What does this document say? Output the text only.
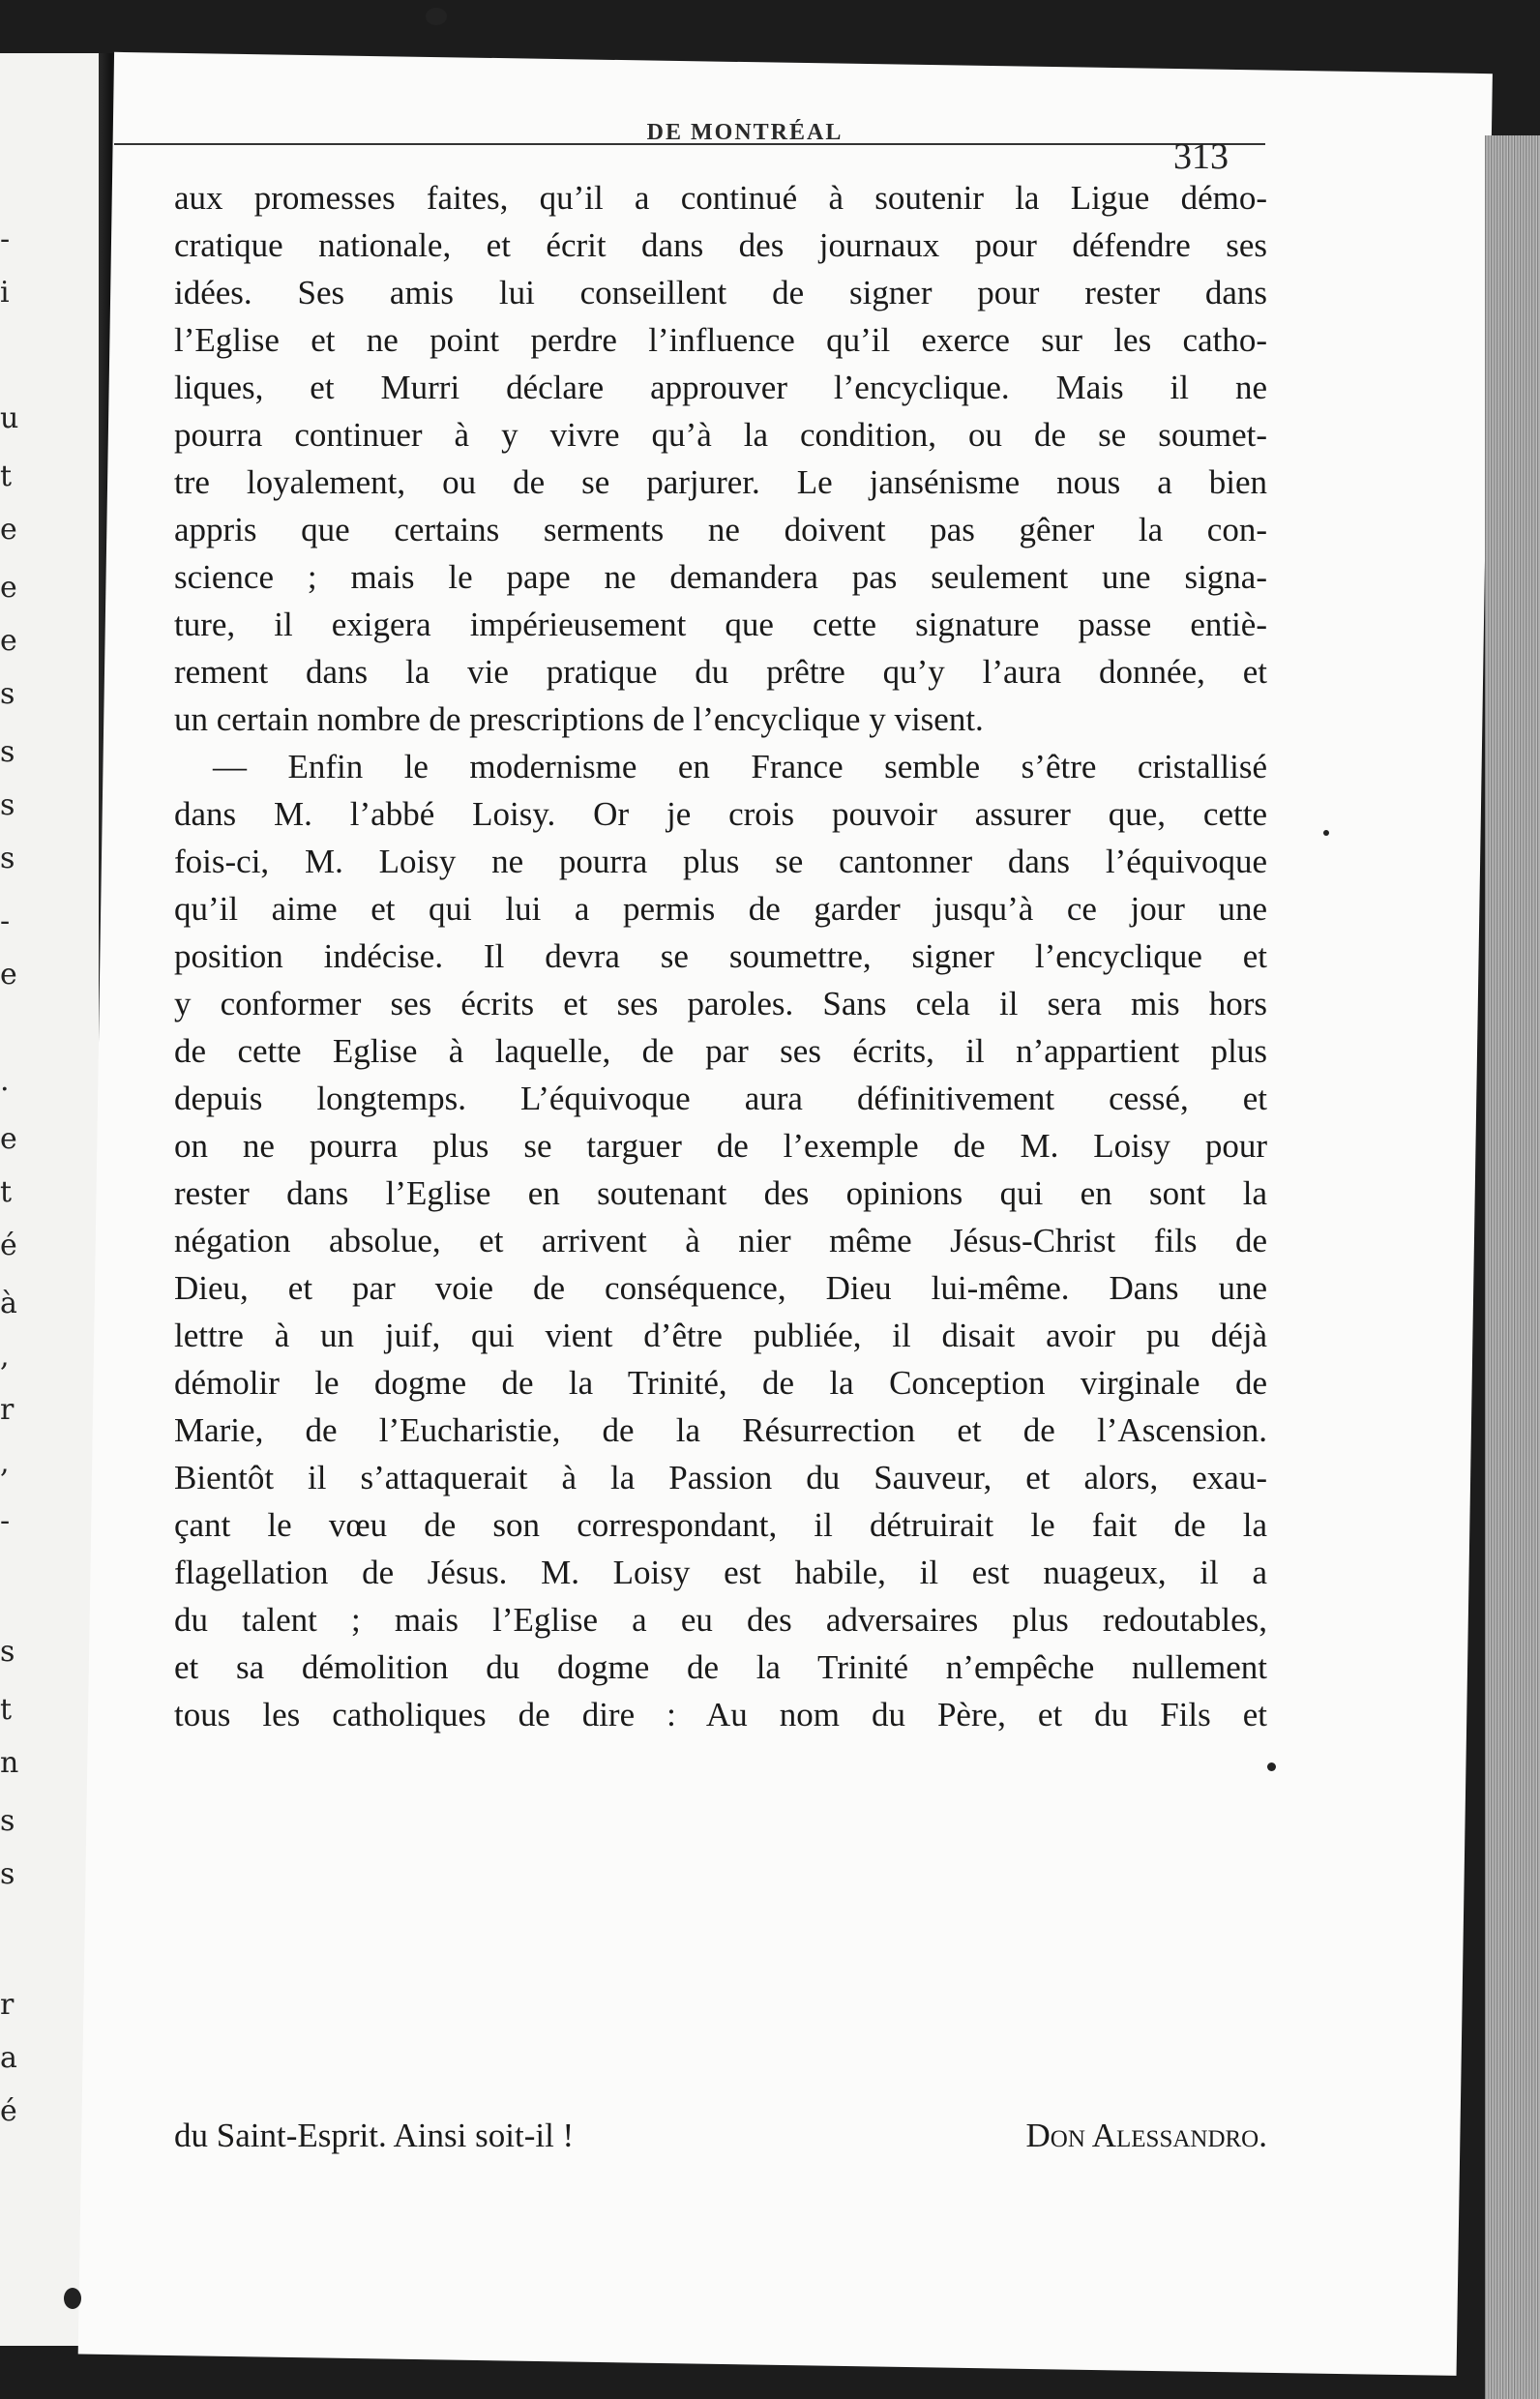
-
i
u
t
e
e
e
s
s
s
s
-
e
.
e
t
é
à
,
r
,
-
s
t
n
s
s
r
a
é
DE MONTRÉAL
313
aux promesses faites, qu’il a continué à soutenir la Ligue démo-
cratique nationale, et écrit dans des journaux pour défendre ses
idées. Ses amis lui conseillent de signer pour rester dans
l’Eglise et ne point perdre l’influence qu’il exerce sur les catho-
liques, et Murri déclare approuver l’encyclique. Mais il ne
pourra continuer à y vivre qu’à la condition, ou de se soumet-
tre loyalement, ou de se parjurer. Le jansénisme nous a bien
appris que certains serments ne doivent pas gêner la con-
science ; mais le pape ne demandera pas seulement une signa-
ture, il exigera impérieusement que cette signature passe entiè-
rement dans la vie pratique du prêtre qu’y l’aura donnée, et
un certain nombre de prescriptions de l’encyclique y visent.
— Enfin le modernisme en France semble s’être cristallisé
dans M. l’abbé Loisy. Or je crois pouvoir assurer que, cette
fois-ci, M. Loisy ne pourra plus se cantonner dans l’équivoque
qu’il aime et qui lui a permis de garder jusqu’à ce jour une
position indécise. Il devra se soumettre, signer l’encyclique et
y conformer ses écrits et ses paroles. Sans cela il sera mis hors
de cette Eglise à laquelle, de par ses écrits, il n’appartient plus
depuis longtemps. L’équivoque aura définitivement cessé, et
on ne pourra plus se targuer de l’exemple de M. Loisy pour
rester dans l’Eglise en soutenant des opinions qui en sont la
négation absolue, et arrivent à nier même Jésus-Christ fils de
Dieu, et par voie de conséquence, Dieu lui-même. Dans une
lettre à un juif, qui vient d’être publiée, il disait avoir pu déjà
démolir le dogme de la Trinité, de la Conception virginale de
Marie, de l’Eucharistie, de la Résurrection et de l’Ascension.
Bientôt il s’attaquerait à la Passion du Sauveur, et alors, exau-
çant le vœu de son correspondant, il détruirait le fait de la
flagellation de Jésus. M. Loisy est habile, il est nuageux, il a
du talent ; mais l’Eglise a eu des adversaires plus redoutables,
et sa démolition du dogme de la Trinité n’empêche nullement
tous les catholiques de dire : Au nom du Père, et du Fils et
du Saint-Esprit. Ainsi soit-il !	Don Alessandro.
